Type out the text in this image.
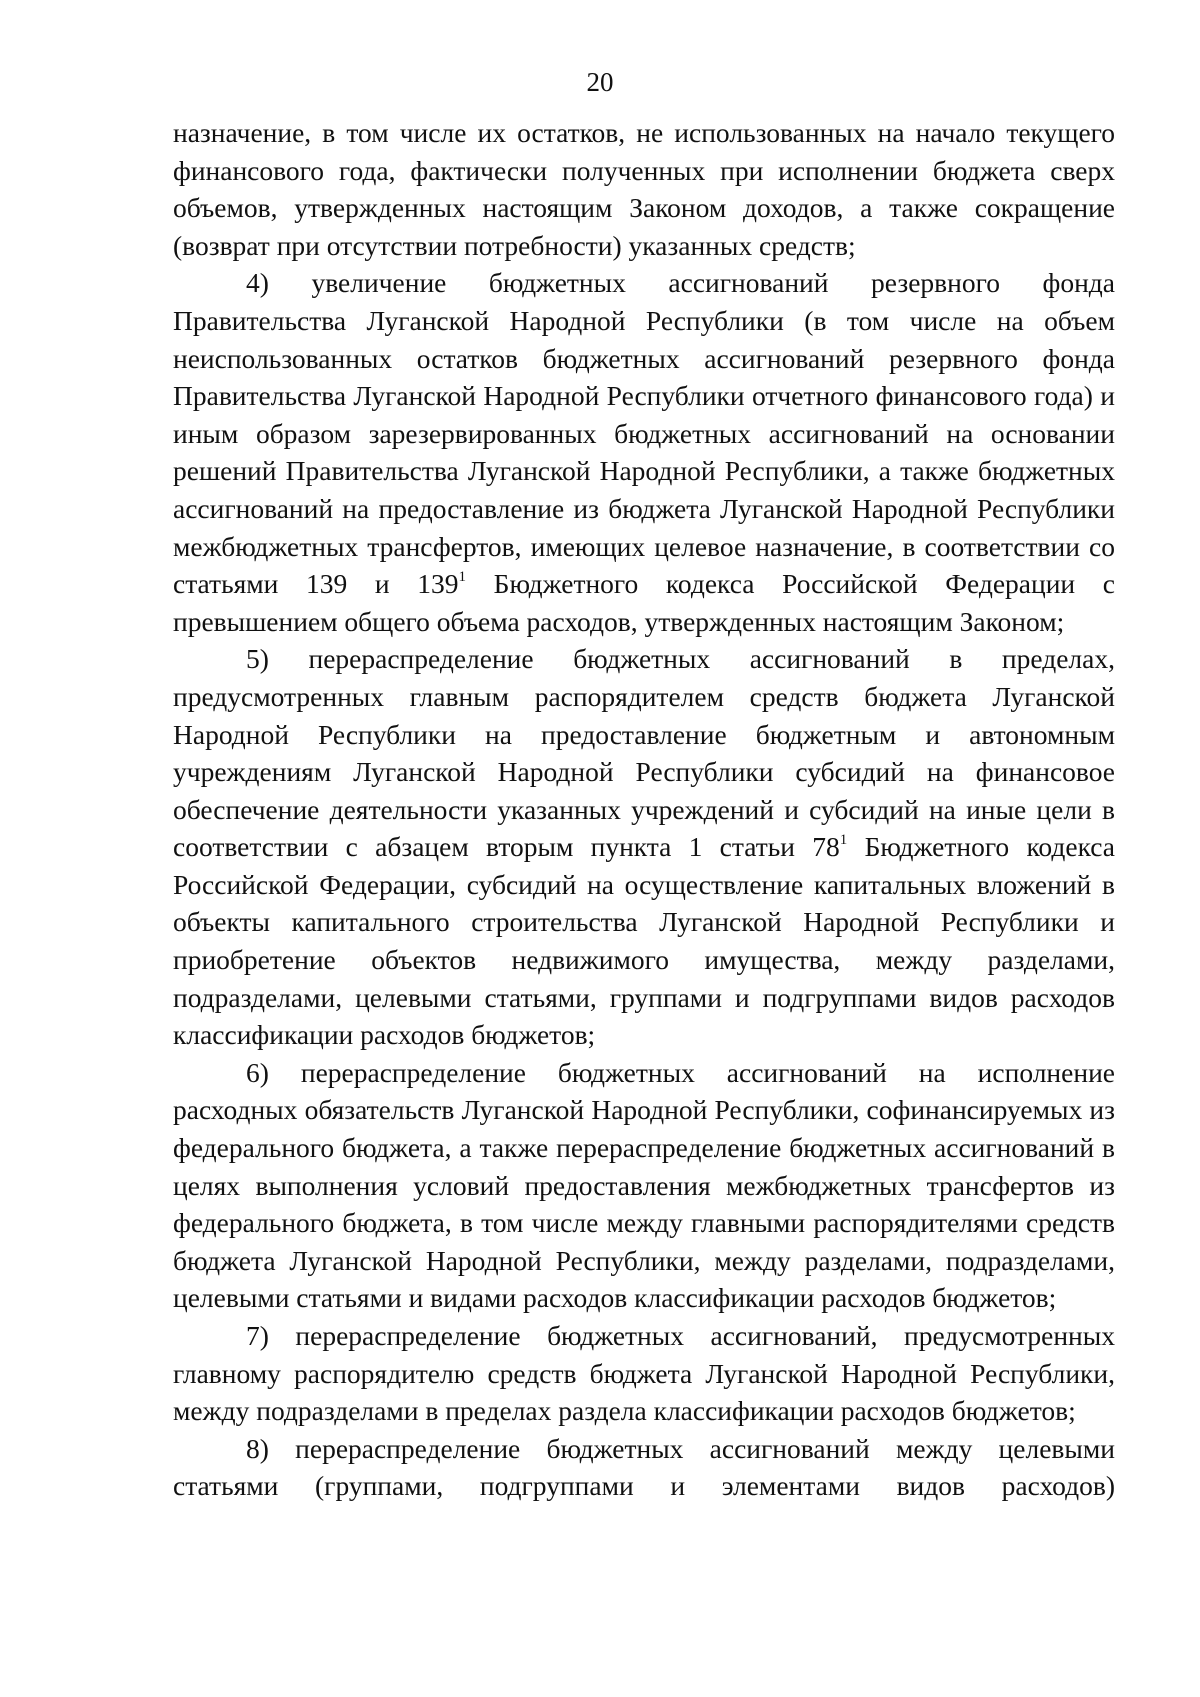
20

назначение, в том числе их остатков, не использованных на начало текущего финансового года, фактически полученных при исполнении бюджета сверх объемов, утвержденных настоящим Законом доходов, а также сокращение (возврат при отсутствии потребности) указанных средств;

4) увеличение бюджетных ассигнований резервного фонда Правительства Луганской Народной Республики (в том числе на объем неиспользованных остатков бюджетных ассигнований резервного фонда Правительства Луганской Народной Республики отчетного финансового года) и иным образом зарезервированных бюджетных ассигнований на основании решений Правительства Луганской Народной Республики, а также бюджетных ассигнований на предоставление из бюджета Луганской Народной Республики межбюджетных трансфертов, имеющих целевое назначение, в соответствии со статьями 139 и $139^1$ Бюджетного кодекса Российской Федерации с превышением общего объема расходов, утвержденных настоящим Законом;

5) перераспределение бюджетных ассигнований в пределах, предусмотренных главным распорядителем средств бюджета Луганской Народной Республики на предоставление бюджетным и автономным учреждениям Луганской Народной Республики субсидий на финансовое обеспечение деятельности указанных учреждений и субсидий на иные цели в соответствии с абзацем вторым пункта 1 статьи $78^1$ Бюджетного кодекса Российской Федерации, субсидий на осуществление капитальных вложений в объекты капитального строительства Луганской Народной Республики и приобретение объектов недвижимого имущества, между разделами, подразделами, целевыми статьями, группами и подгруппами видов расходов классификации расходов бюджетов;

6) перераспределение бюджетных ассигнований на исполнение расходных обязательств Луганской Народной Республики, софинансируемых из федерального бюджета, а также перераспределение бюджетных ассигнований в целях выполнения условий предоставления межбюджетных трансфертов из федерального бюджета, в том числе между главными распорядителями средств бюджета Луганской Народной Республики, между разделами, подразделами, целевыми статьями и видами расходов классификации расходов бюджетов;

7) перераспределение бюджетных ассигнований, предусмотренных главному распорядителю средств бюджета Луганской Народной Республики, между подразделами в пределах раздела классификации расходов бюджетов;

8) перераспределение бюджетных ассигнований между целевыми статьями (группами, подгруппами и элементами видов расходов)
